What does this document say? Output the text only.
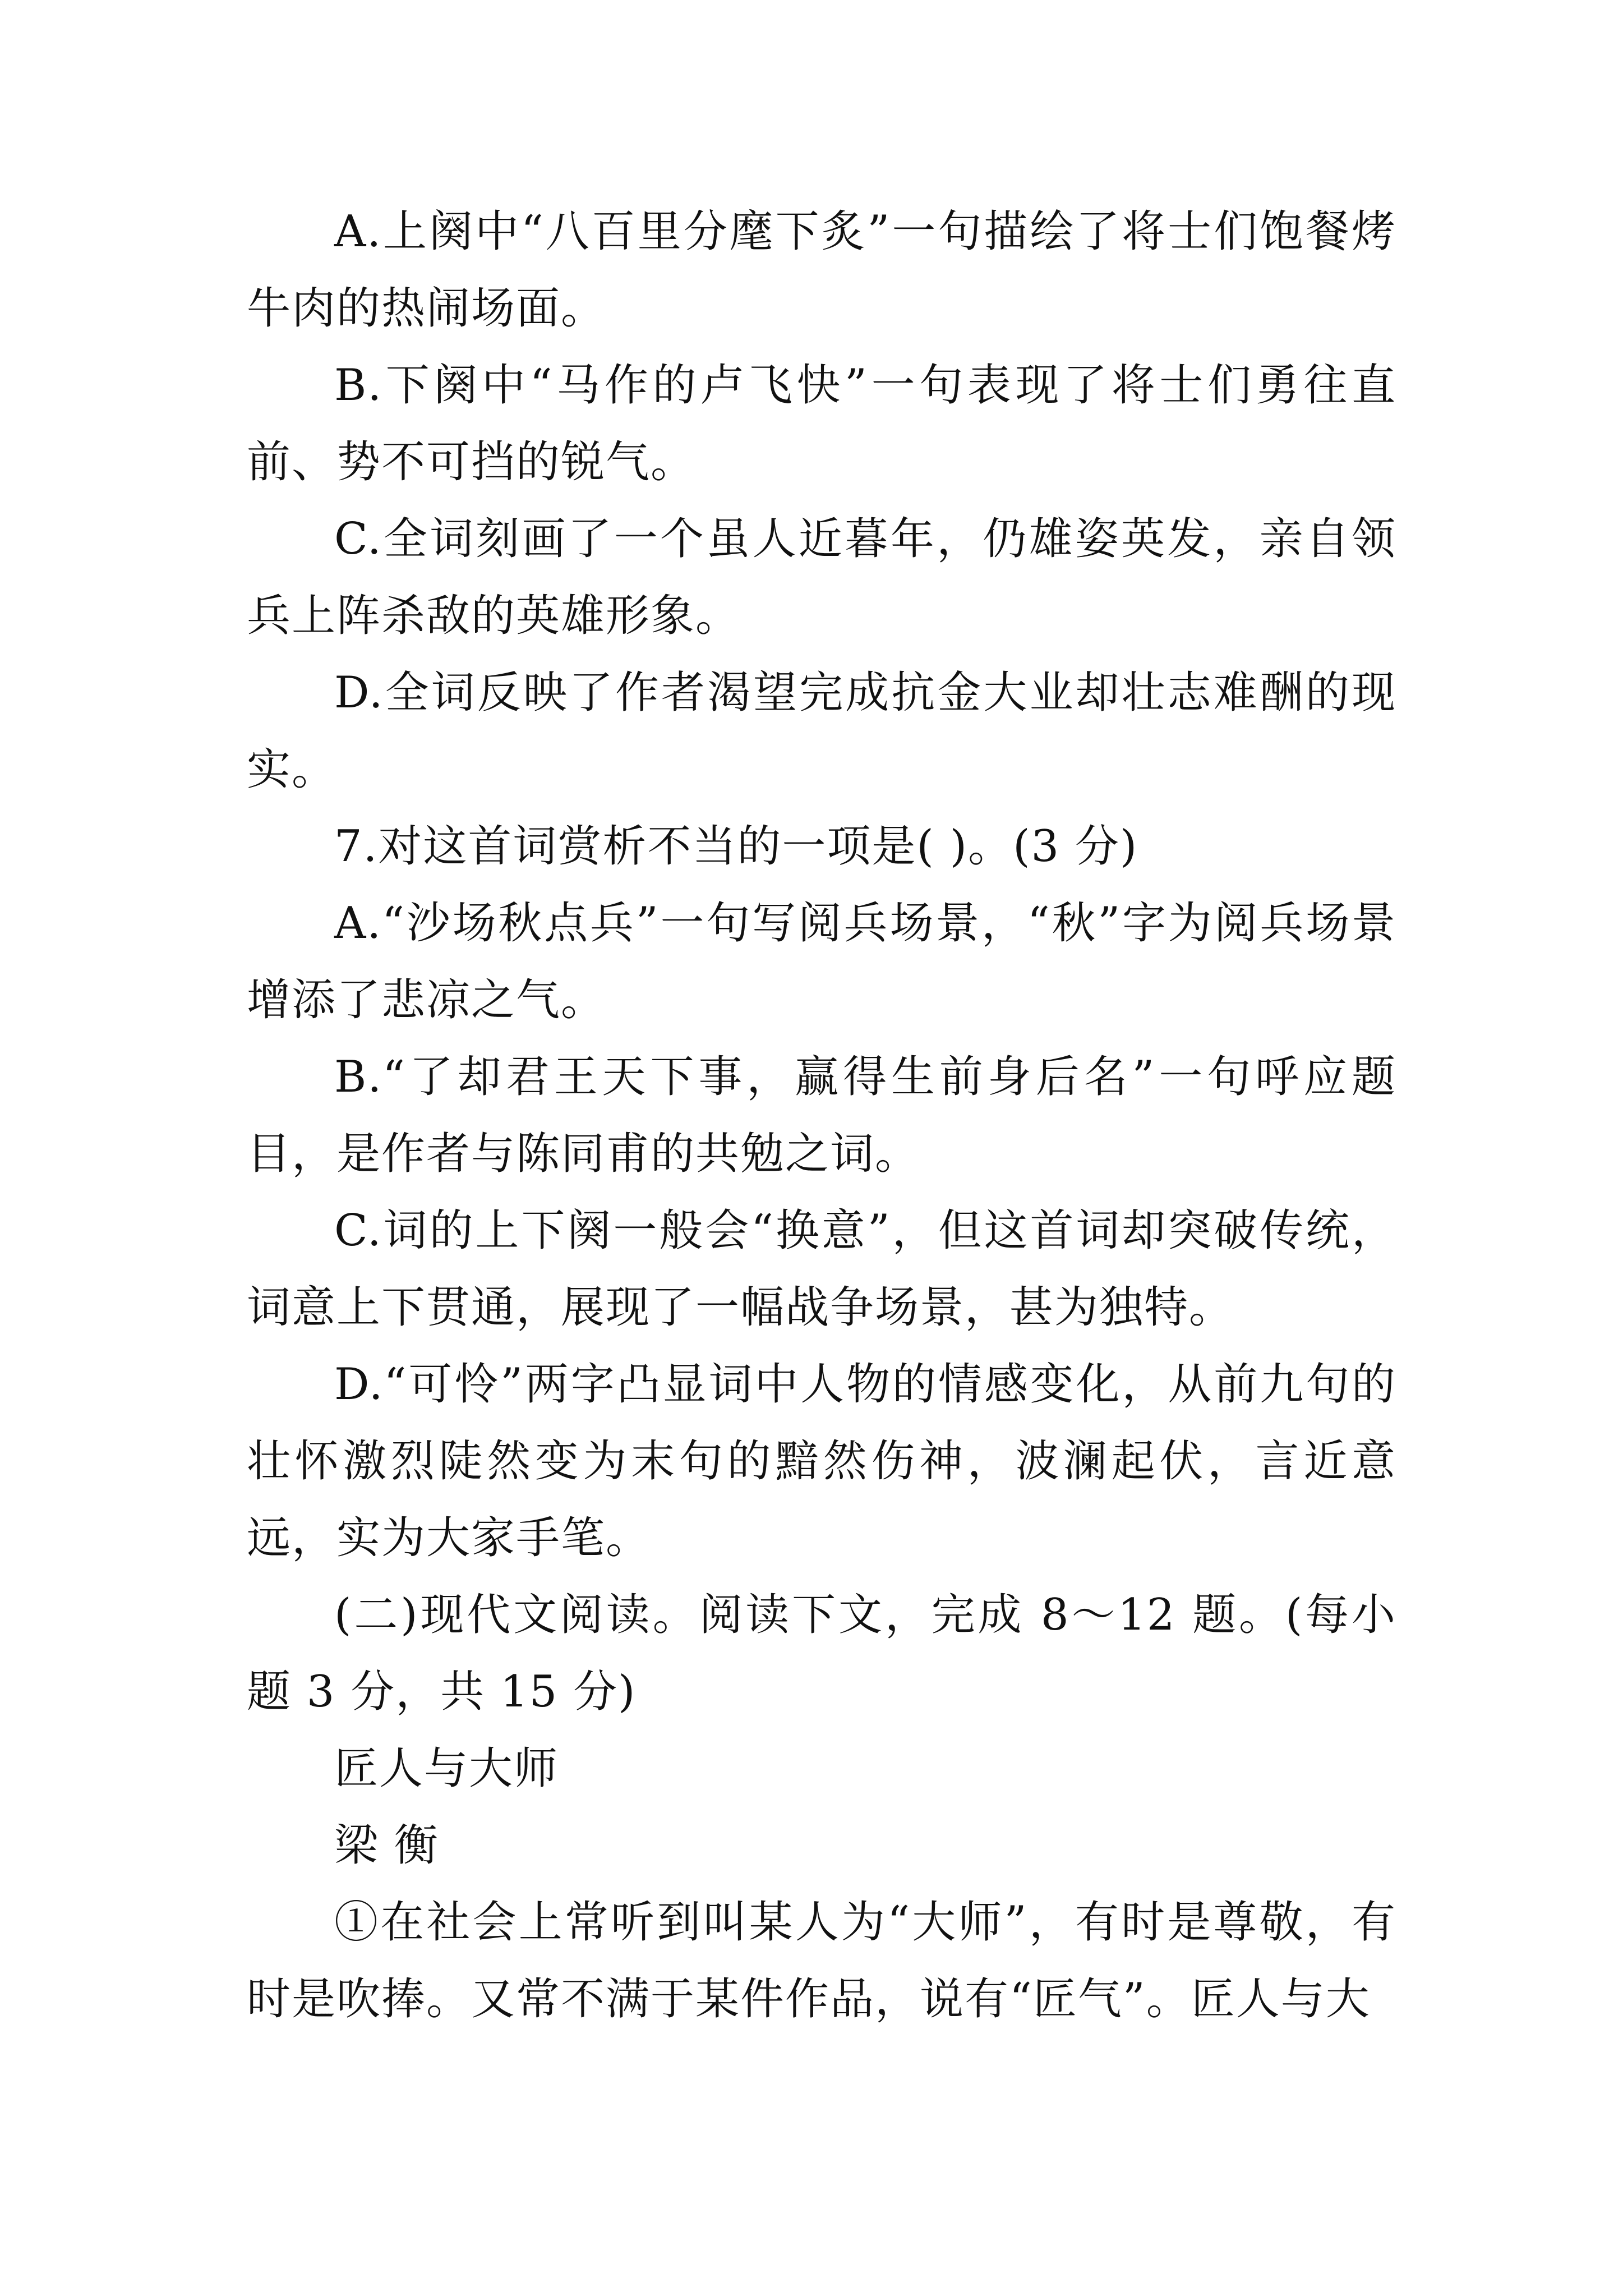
A.上阕中“八百里分麾下炙”一句描绘了将士们饱餐烤牛肉的热闹场面。

B.下阕中“马作的卢飞快”一句表现了将士们勇往直前、势不可挡的锐气。

C.全词刻画了一个虽人近暮年，仍雄姿英发，亲自领兵上阵杀敌的英雄形象。

D.全词反映了作者渴望完成抗金大业却壮志难酬的现实。

7.对这首词赏析不当的一项是( )。(3 分)

A.“沙场秋点兵”一句写阅兵场景，“秋”字为阅兵场景增添了悲凉之气。

B.“了却君王天下事，赢得生前身后名”一句呼应题目，是作者与陈同甫的共勉之词。

C.词的上下阕一般会“换意”，但这首词却突破传统，词意上下贯通，展现了一幅战争场景，甚为独特。

D.“可怜”两字凸显词中人物的情感变化，从前九句的壮怀激烈陡然变为末句的黯然伤神，波澜起伏，言近意远，实为大家手笔。

(二)现代文阅读。阅读下文，完成 8～12 题。(每小题 3 分，共 15 分)

匠人与大师

梁 衡

①在社会上常听到叫某人为“大师”，有时是尊敬，有时是吹捧。又常不满于某件作品，说有“匠气”。匠人与大
